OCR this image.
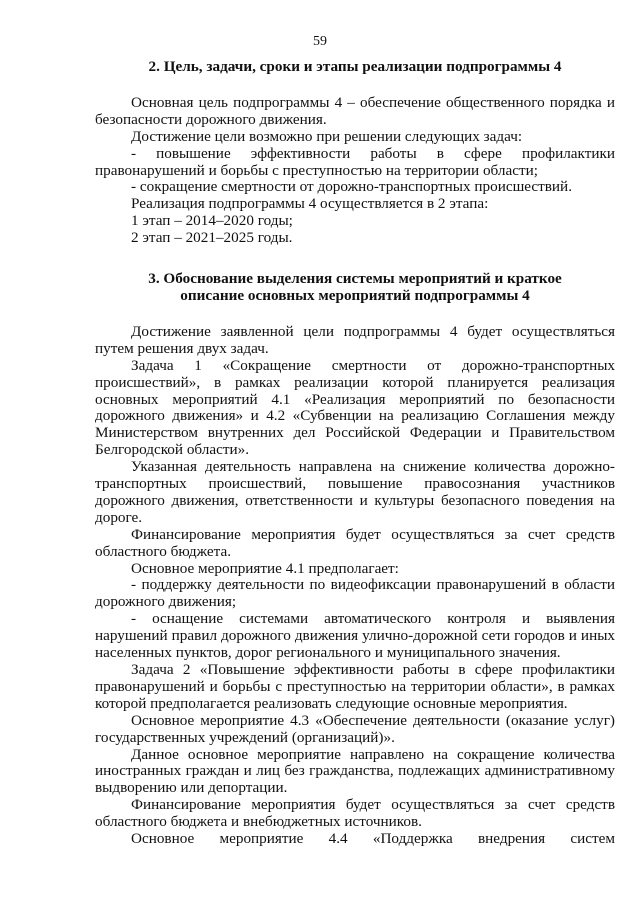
59

2. Цель, задачи, сроки и этапы реализации подпрограммы 4

Основная цель подпрограммы 4 – обеспечение общественного порядка и безопасности дорожного движения.

Достижение цели возможно при решении следующих задач:

- повышение эффективности работы в сфере профилактики правонарушений и борьбы с преступностью на территории области;

- сокращение смертности от дорожно-транспортных происшествий.

Реализация подпрограммы 4 осуществляется в 2 этапа:

1 этап – 2014–2020 годы;

2 этап – 2021–2025 годы.

3. Обоснование выделения системы мероприятий и краткое
описание основных мероприятий подпрограммы 4

Достижение заявленной цели подпрограммы 4 будет осуществляться путем решения двух задач.

Задача 1 «Сокращение смертности от дорожно-транспортных происшествий», в рамках реализации которой планируется реализация основных мероприятий 4.1 «Реализация мероприятий по безопасности дорожного движения» и 4.2 «Субвенции на реализацию Соглашения между Министерством внутренних дел Российской Федерации и Правительством Белгородской области».

Указанная деятельность направлена на снижение количества дорожно-транспортных происшествий, повышение правосознания участников дорожного движения, ответственности и культуры безопасного поведения на дороге.

Финансирование мероприятия будет осуществляться за счет средств областного бюджета.

Основное мероприятие 4.1 предполагает:

- поддержку деятельности по видеофиксации правонарушений в области дорожного движения;

- оснащение системами автоматического контроля и выявления нарушений правил дорожного движения улично-дорожной сети городов и иных населенных пунктов, дорог регионального и муниципального значения.

Задача 2 «Повышение эффективности работы в сфере профилактики правонарушений и борьбы с преступностью на территории области», в рамках которой предполагается реализовать следующие основные мероприятия.

Основное мероприятие 4.3 «Обеспечение деятельности (оказание услуг) государственных учреждений (организаций)».

Данное основное мероприятие направлено на сокращение количества иностранных граждан и лиц без гражданства, подлежащих административному выдворению или депортации.

Финансирование мероприятия будет осуществляться за счет средств областного бюджета и внебюджетных источников.

Основное мероприятие 4.4 «Поддержка внедрения систем
